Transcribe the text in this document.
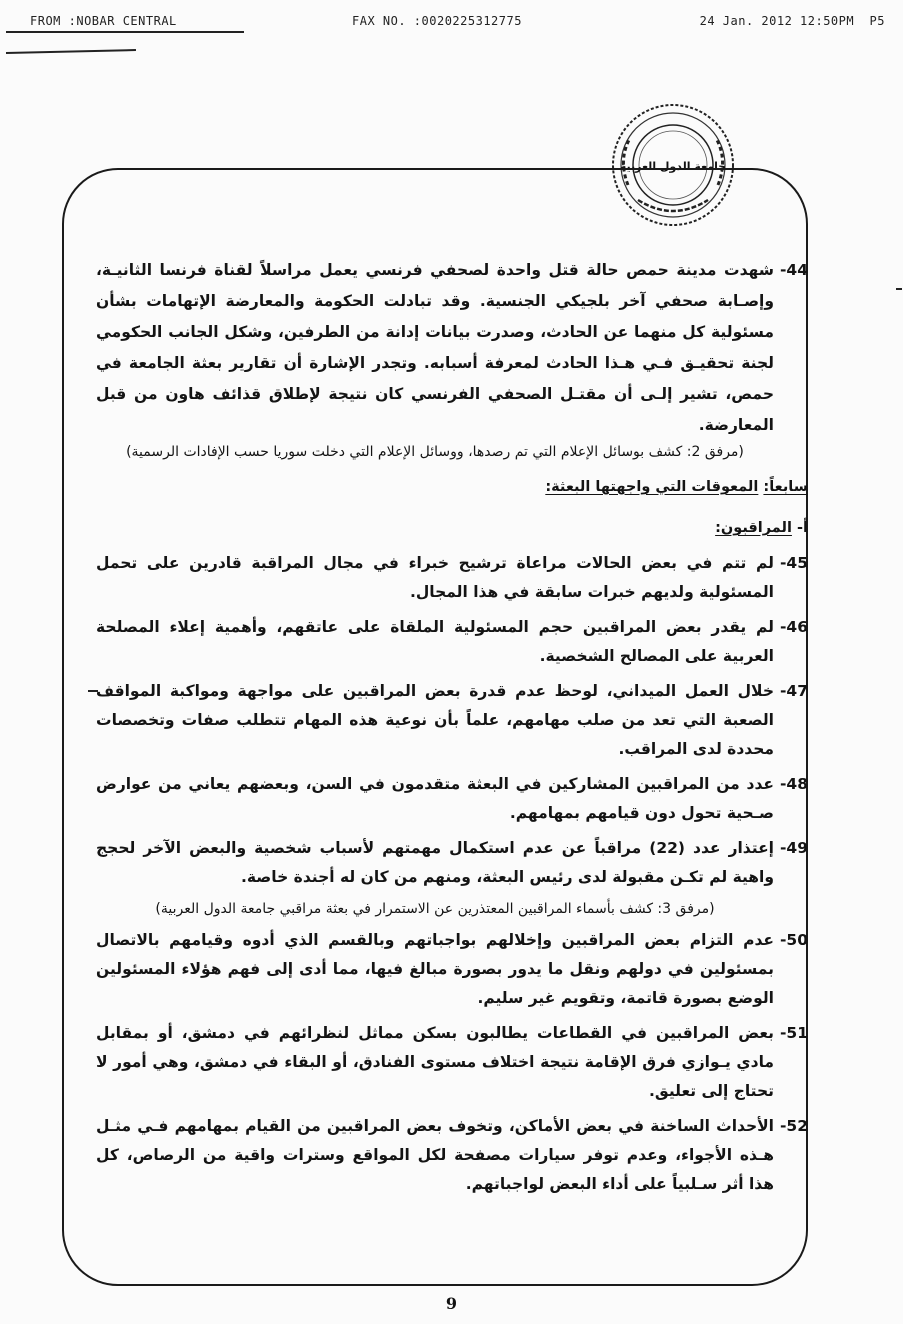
FROM :NOBAR CENTRAL	FAX NO. :0020225312775	24 Jan. 2012 12:50PM P5
جامعة الدول العربية
44-
شهدت مدينة حمص حالة قتل واحدة لصحفي فرنسي يعمل مراسلاً لقناة فرنسا الثانيـة، وإصـابة صحفي آخر بلجيكي الجنسية. وقد تبادلت الحكومة والمعارضة الإتهامات بشأن مسئولية كل منهما عن الحادث، وصدرت بيانات إدانة من الطرفين، وشكل الجانب الحكومي لجنة تحقيـق فـي هـذا الحادث لمعرفة أسبابه. وتجدر الإشارة أن تقارير بعثة الجامعة في حمص، تشير إلـى أن مقتـل الصحفي الفرنسي كان نتيجة لإطلاق قذائف هاون من قبل المعارضة.
(مرفق 2: كشف بوسائل الإعلام التي تم رصدها، ووسائل الإعلام التي دخلت سوريا حسب الإفادات الرسمية)
سابعاً: المعوقات التي واجهتها البعثة:
أ- المراقبون:
45-
لم تتم في بعض الحالات مراعاة ترشيح خبراء في مجال المراقبة قادرين على تحمل المسئولية ولديهم خبرات سابقة في هذا المجال.
46-
لم يقدر بعض المراقبين حجم المسئولية الملقاة على عاتقهم، وأهمية إعلاء المصلحة العربية على المصالح الشخصية.
47-
خلال العمل الميداني، لوحظ عدم قدرة بعض المراقبين على مواجهة ومواكبة المواقف الصعبة التي تعد من صلب مهامهم، علماً بأن نوعية هذه المهام تتطلب صفات وتخصصات محددة لدى المراقب.
48-
عدد من المراقبين المشاركين في البعثة متقدمون في السن، وبعضهم يعاني من عوارض صـحية تحول دون قيامهم بمهامهم.
49-
إعتذار عدد (22) مراقباً عن عدم استكمال مهمتهم لأسباب شخصية والبعض الآخر لحجج واهية لم تكـن مقبولة لدى رئيس البعثة، ومنهم من كان له أجندة خاصة.
(مرفق 3: كشف بأسماء المراقبين المعتذرين عن الاستمرار في بعثة مراقبي جامعة الدول العربية)
50-
عدم التزام بعض المراقبين وإخلالهم بواجباتهم وبالقسم الذي أدوه وقيامهم بالاتصال بمسئولين في دولهم ونقل ما يدور بصورة مبالغ فيها، مما أدى إلى فهم هؤلاء المسئولين الوضع بصورة قاتمة، وتقويم غير سليم.
51-
بعض المراقبين في القطاعات يطالبون بسكن مماثل لنظرائهم في دمشق، أو بمقابل مادي يـوازي فرق الإقامة نتيجة اختلاف مستوى الفنادق، أو البقاء في دمشق، وهي أمور لا تحتاج إلى تعليق.
52-
الأحداث الساخنة في بعض الأماكن، وتخوف بعض المراقبين من القيام بمهامهم فـي مثـل هـذه الأجواء، وعدم توفر سيارات مصفحة لكل المواقع وسترات واقية من الرصاص، كل هذا أثر سـلبياً على أداء البعض لواجباتهم.
9
